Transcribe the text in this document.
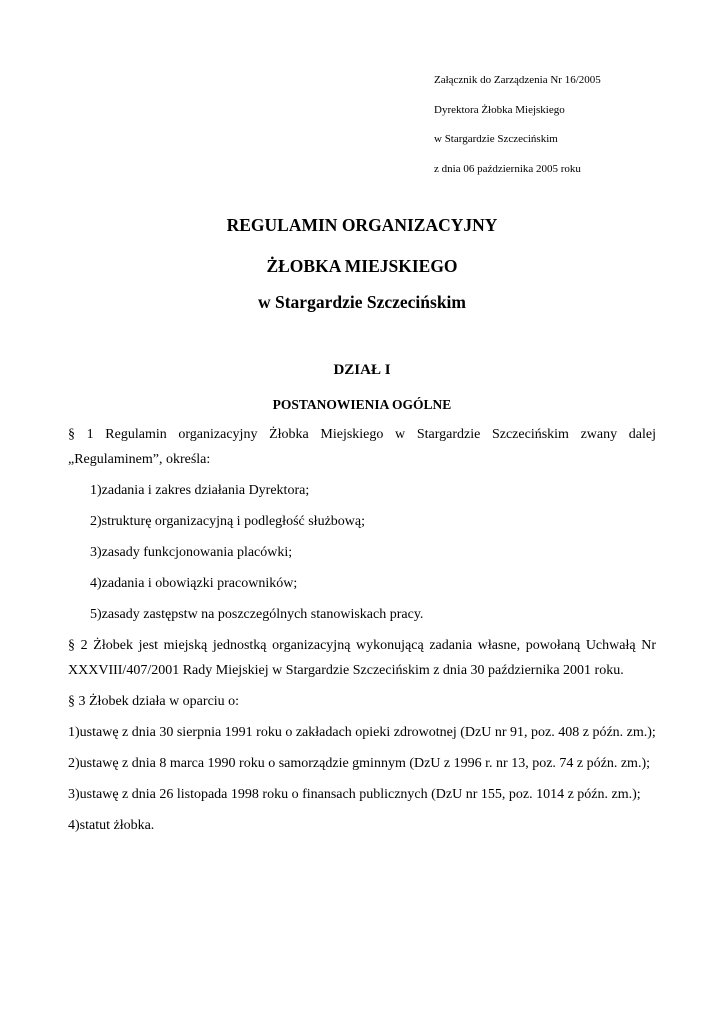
Załącznik do Zarządzenia Nr 16/2005
Dyrektora Żłobka Miejskiego
w Stargardzie Szczecińskim
z dnia 06 października 2005 roku
REGULAMIN ORGANIZACYJNY
ŻŁOBKA MIEJSKIEGO
w Stargardzie Szczecińskim
DZIAŁ I
POSTANOWIENIA OGÓLNE

§ 1 Regulamin organizacyjny Żłobka Miejskiego w Stargardzie Szczecińskim zwany dalej „Regulaminem”, określa:

1)zadania i zakres działania Dyrektora;
2)strukturę organizacyjną i podległość służbową;
3)zasady funkcjonowania placówki;
4)zadania i obowiązki pracowników;
5)zasady zastępstw na poszczególnych stanowiskach pracy.

§ 2 Żłobek jest miejską jednostką organizacyjną wykonującą zadania własne, powołaną Uchwałą Nr XXXVIII/407/2001 Rady Miejskiej w Stargardzie Szczecińskim z dnia 30 października 2001 roku.

§ 3 Żłobek działa w oparciu o:

1)ustawę z dnia 30 sierpnia 1991 roku o zakładach opieki zdrowotnej (DzU nr 91, poz. 408 z późn. zm.);
2)ustawę z dnia 8 marca 1990 roku o samorządzie gminnym (DzU z 1996 r. nr 13, poz. 74 z późn. zm.);
3)ustawę z dnia 26 listopada 1998 roku o finansach publicznych (DzU nr 155, poz. 1014 z późn. zm.);
4)statut żłobka.
